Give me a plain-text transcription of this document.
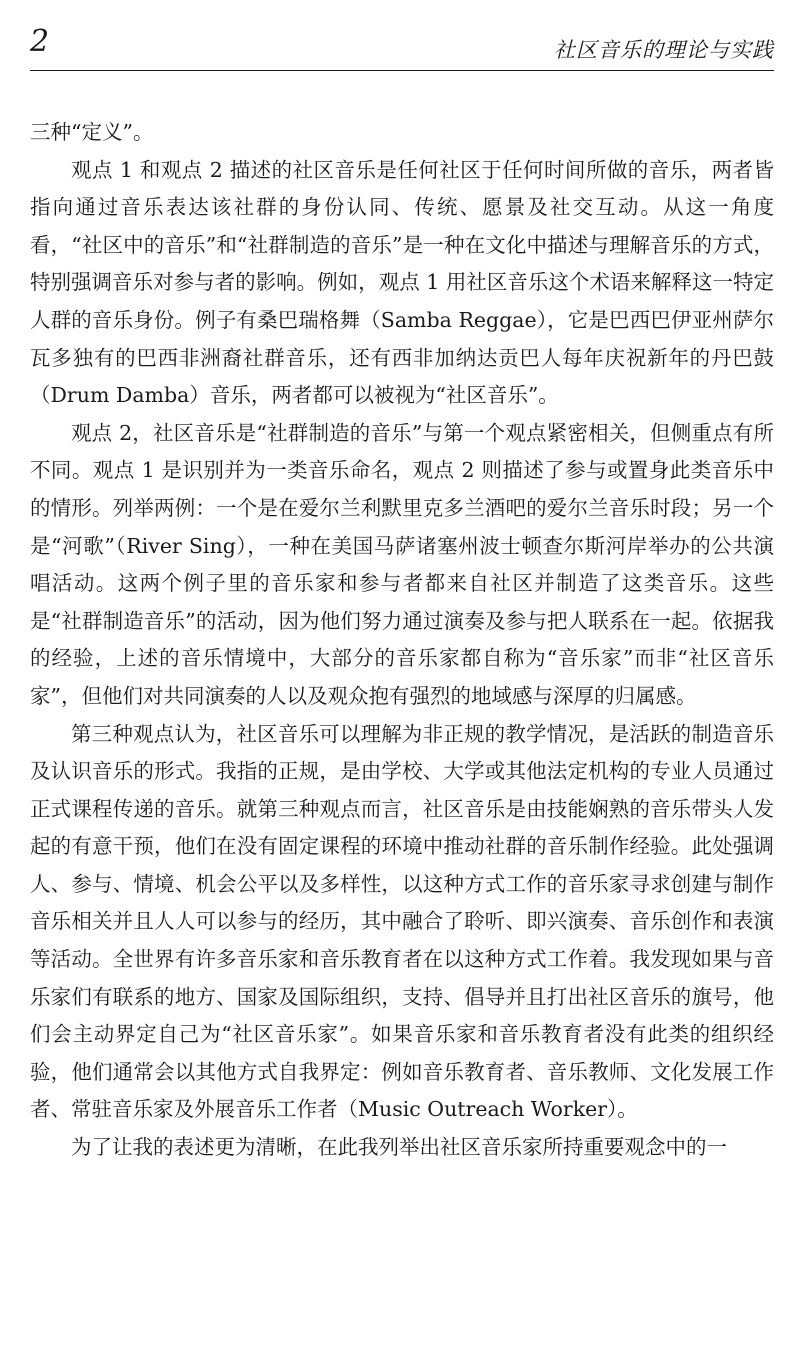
2	社区音乐的理论与实践

三种“定义”。

观点 1 和观点 2 描述的社区音乐是任何社区于任何时间所做的音乐，两者皆指向通过音乐表达该社群的身份认同、传统、愿景及社交互动。从这一角度看，“社区中的音乐”和“社群制造的音乐”是一种在文化中描述与理解音乐的方式，特别强调音乐对参与者的影响。例如，观点 1 用社区音乐这个术语来解释这一特定人群的音乐身份。例子有桑巴瑞格舞（Samba Reggae），它是巴西巴伊亚州萨尔瓦多独有的巴西非洲裔社群音乐，还有西非加纳达贡巴人每年庆祝新年的丹巴鼓（Drum Damba）音乐，两者都可以被视为“社区音乐”。

观点 2，社区音乐是“社群制造的音乐”与第一个观点紧密相关，但侧重点有所不同。观点 1 是识别并为一类音乐命名，观点 2 则描述了参与或置身此类音乐中的情形。列举两例：一个是在爱尔兰利默里克多兰酒吧的爱尔兰音乐时段；另一个是“河歌”（River Sing），一种在美国马萨诸塞州波士顿查尔斯河岸举办的公共演唱活动。这两个例子里的音乐家和参与者都来自社区并制造了这类音乐。这些是“社群制造音乐”的活动，因为他们努力通过演奏及参与把人联系在一起。依据我的经验，上述的音乐情境中，大部分的音乐家都自称为“音乐家”而非“社区音乐家”，但他们对共同演奏的人以及观众抱有强烈的地域感与深厚的归属感。

第三种观点认为，社区音乐可以理解为非正规的教学情况，是活跃的制造音乐及认识音乐的形式。我指的正规，是由学校、大学或其他法定机构的专业人员通过正式课程传递的音乐。就第三种观点而言，社区音乐是由技能娴熟的音乐带头人发起的有意干预，他们在没有固定课程的环境中推动社群的音乐制作经验。此处强调人、参与、情境、机会公平以及多样性，以这种方式工作的音乐家寻求创建与制作音乐相关并且人人可以参与的经历，其中融合了聆听、即兴演奏、音乐创作和表演等活动。全世界有许多音乐家和音乐教育者在以这种方式工作着。我发现如果与音乐家们有联系的地方、国家及国际组织，支持、倡导并且打出社区音乐的旗号，他们会主动界定自己为“社区音乐家”。如果音乐家和音乐教育者没有此类的组织经验，他们通常会以其他方式自我界定：例如音乐教育者、音乐教师、文化发展工作者、常驻音乐家及外展音乐工作者（Music Outreach Worker）。

为了让我的表述更为清晰，在此我列举出社区音乐家所持重要观念中的一
